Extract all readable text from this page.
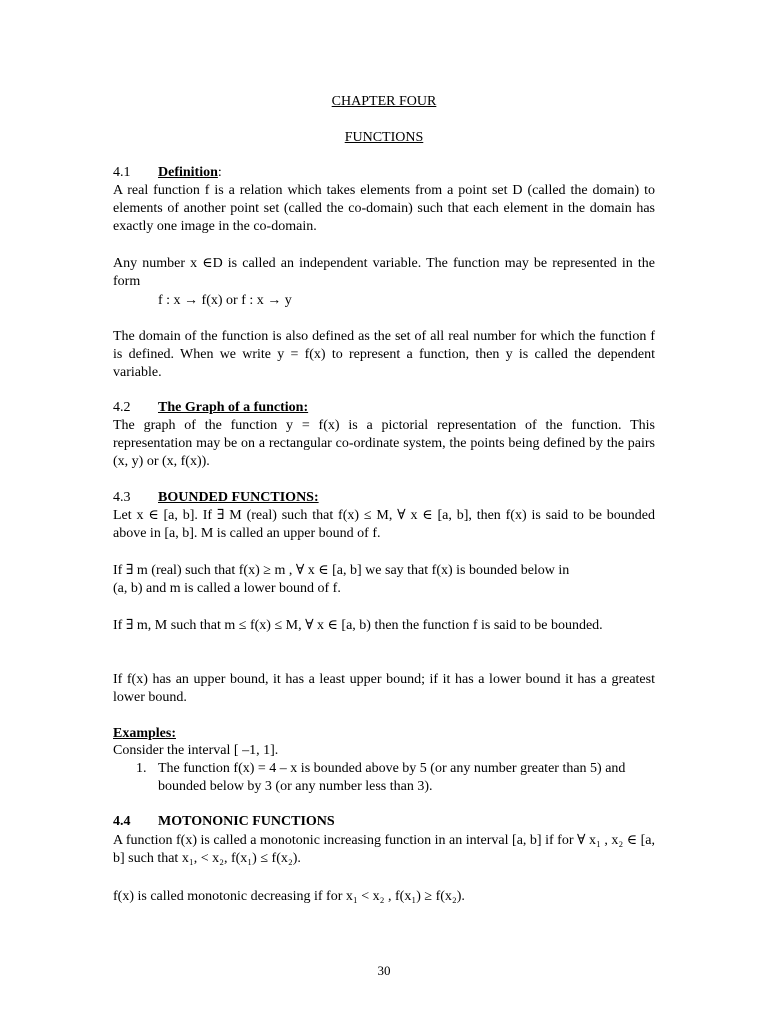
CHAPTER FOUR
FUNCTIONS
4.1 Definition:

A real function f is a relation which takes elements from a point set D (called the domain) to elements of another point set (called the co-domain) such that each element in the domain has exactly one image in the co-domain.

Any number x ∈D is called an independent variable. The function may be represented in the form

f : x → f(x) or f : x → y

The domain of the function is also defined as the set of all real number for which the function f is defined. When we write y = f(x) to represent a function, then y is called the dependent variable.

4.2 The Graph of a function:

The graph of the function y = f(x) is a pictorial representation of the function. This representation may be on a rectangular co-ordinate system, the points being defined by the pairs (x, y) or (x, f(x)).

4.3 BOUNDED FUNCTIONS:

Let x ∈ [a, b]. If ∃ M (real) such that f(x) ≤ M, ∀ x ∈ [a, b], then f(x) is said to be bounded above in [a, b]. M is called an upper bound of f.

If ∃ m (real) such that f(x) ≥ m , ∀ x ∈ [a, b] we say that f(x) is bounded below in
(a, b) and m is called a lower bound of f.

If ∃ m, M such that m ≤ f(x) ≤ M, ∀ x ∈ [a, b) then the function f is said to be bounded.

If f(x) has an upper bound, it has a least upper bound; if it has a lower bound it has a greatest lower bound.

Examples:
Consider the interval [ –1, 1].
1. The function f(x) = 4 – x is bounded above by 5 (or any number greater than 5) and bounded below by 3 (or any number less than 3).
4.4 MOTONONIC FUNCTIONS

A function f(x) is called a monotonic increasing function in an interval [a, b] if for ∀ x₁ , x₂ ∈ [a, b] such that x₁, < x₂, f(x₁) ≤ f(x₂).

f(x) is called monotonic decreasing if for x₁ < x₂ , f(x₁) ≥ f(x₂).

30
